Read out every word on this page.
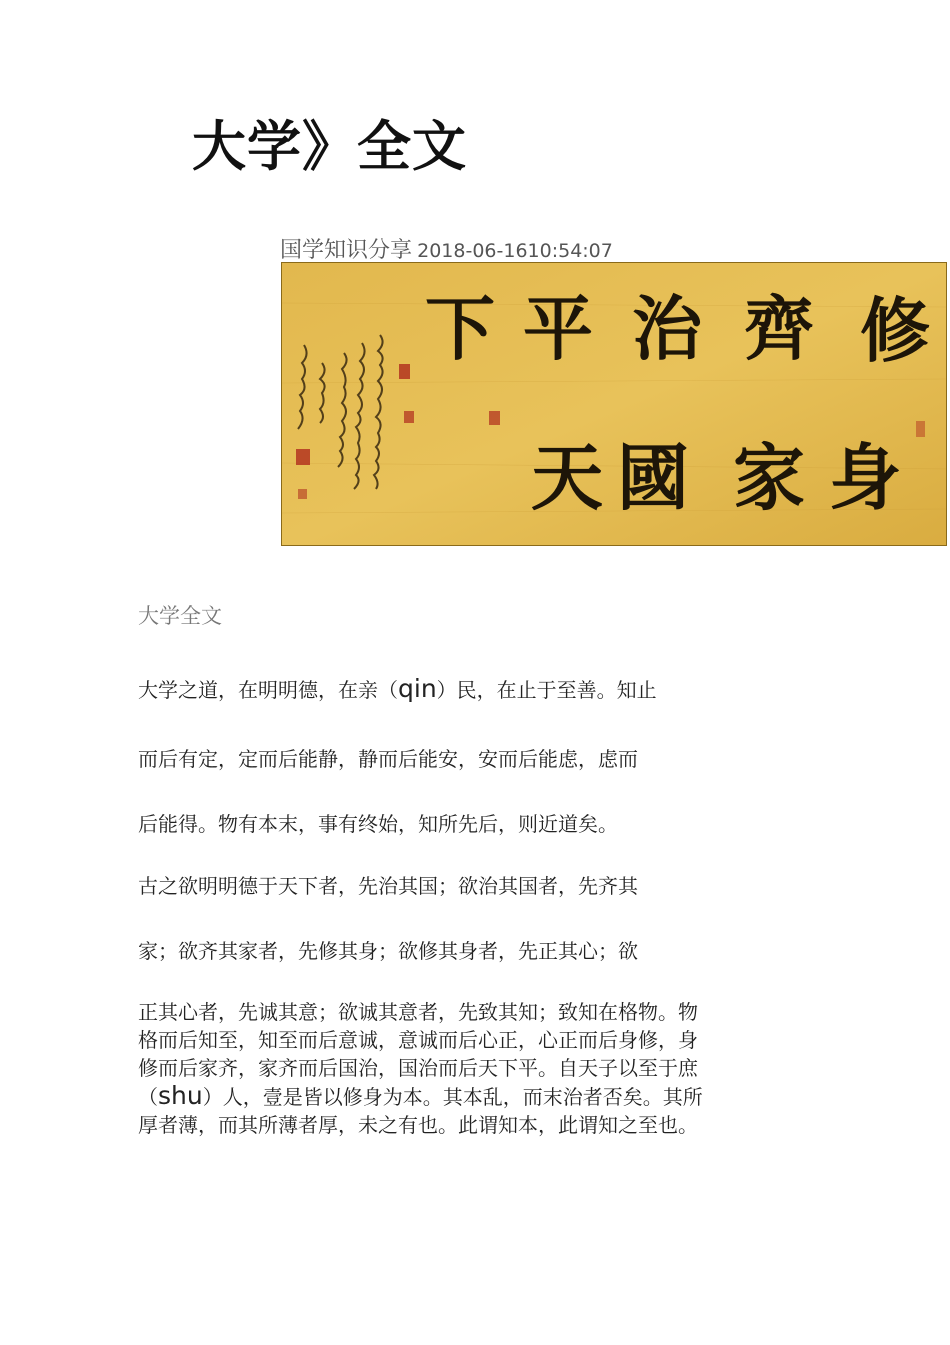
大学》全文
国学知识分享 2018-06-1610:54:07
修
齊
治
平
下
身
家
國
天
大学全文
大学之道，在明明德，在亲（qin）民，在止于至善。知止
而后有定，定而后能静，静而后能安，安而后能虑，虑而
后能得。物有本末，事有终始，知所先后，则近道矣。
古之欲明明德于天下者，先治其国；欲治其国者，先齐其
家；欲齐其家者，先修其身；欲修其身者，先正其心；欲
正其心者，先诚其意；欲诚其意者，先致其知；致知在格物。物
格而后知至，知至而后意诚，意诚而后心正，心正而后身修，身
修而后家齐，家齐而后国治，国治而后天下平。自天子以至于庶
（shu）人，壹是皆以修身为本。其本乱，而末治者否矣。其所
厚者薄，而其所薄者厚，未之有也。此谓知本，此谓知之至也。
